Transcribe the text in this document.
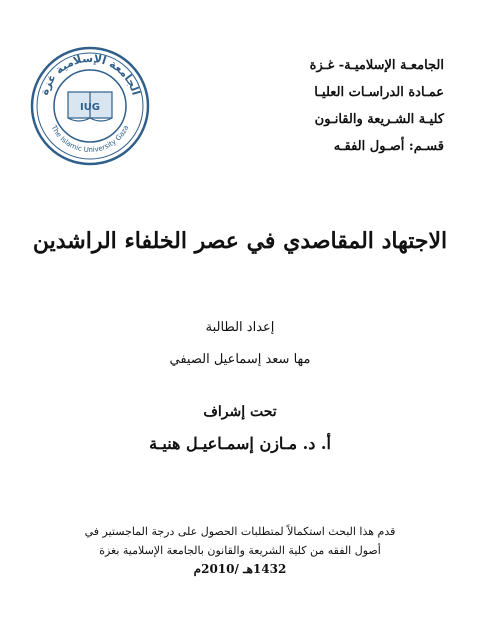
الجامعـة الإسلاميـة- غـزة
عمـادة الدراسـات العليـا
كليـة الشـريعة والقانـون
قسـم: أصـول الفقـه
الجامعة الإسلامية غزة
The Islamic University Gaza
IUG
الاجتهاد المقاصدي في عصر الخلفاء الراشدين
إعداد الطالبة
مها سعد إسماعيل الصيفي
تحت إشراف
أ. د. مـازن إسمـاعيـل هنيـة
قدم هذا البحث استكمالاً لمتطلبات الحصول على درجة الماجستير في أصول الفقه من كلية الشريعة والقانون بالجامعة الإسلامية بغزة
1432هـ /2010م
